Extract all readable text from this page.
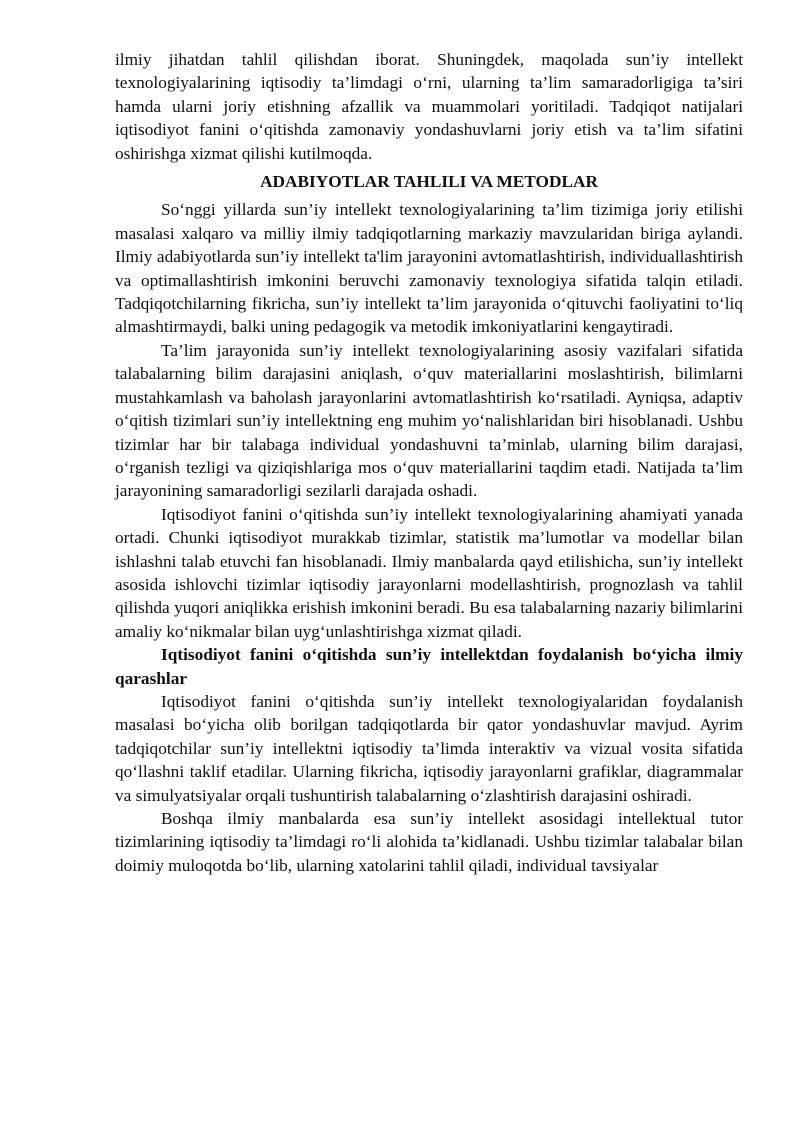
ilmiy jihatdan tahlil qilishdan iborat. Shuningdek, maqolada sun’iy intellekt texnologiyalarining iqtisodiy ta’limdagi o‘rni, ularning ta’lim samaradorligiga ta’siri hamda ularni joriy etishning afzallik va muammolari yoritiladi. Tadqiqot natijalari iqtisodiyot fanini o‘qitishda zamonaviy yondashuvlarni joriy etish va ta’lim sifatini oshirishga xizmat qilishi kutilmoqda.

ADABIYOTLAR TAHLILI VA METODLAR

So‘nggi yillarda sun’iy intellekt texnologiyalarining ta’lim tizimiga joriy etilishi masalasi xalqaro va milliy ilmiy tadqiqotlarning markaziy mavzularidan biriga aylandi. Ilmiy adabiyotlarda sun’iy intellekt ta'lim jarayonini avtomatlashtirish, individuallashtirish va optimallashtirish imkonini beruvchi zamonaviy texnologiya sifatida talqin etiladi. Tadqiqotchilarning fikricha, sun’iy intellekt ta’lim jarayonida o‘qituvchi faoliyatini to‘liq almashtirmaydi, balki uning pedagogik va metodik imkoniyatlarini kengaytiradi.

Ta’lim jarayonida sun’iy intellekt texnologiyalarining asosiy vazifalari sifatida talabalarning bilim darajasini aniqlash, o‘quv materiallarini moslashtirish, bilimlarni mustahkamlash va baholash jarayonlarini avtomatlashtirish ko‘rsatiladi. Ayniqsa, adaptiv o‘qitish tizimlari sun’iy intellektning eng muhim yo‘nalishlaridan biri hisoblanadi. Ushbu tizimlar har bir talabaga individual yondashuvni ta’minlab, ularning bilim darajasi, o‘rganish tezligi va qiziqishlariga mos o‘quv materiallarini taqdim etadi. Natijada ta’lim jarayonining samaradorligi sezilarli darajada oshadi.

Iqtisodiyot fanini o‘qitishda sun’iy intellekt texnologiyalarining ahamiyati yanada ortadi. Chunki iqtisodiyot murakkab tizimlar, statistik ma’lumotlar va modellar bilan ishlashni talab etuvchi fan hisoblanadi. Ilmiy manbalarda qayd etilishicha, sun’iy intellekt asosida ishlovchi tizimlar iqtisodiy jarayonlarni modellashtirish, prognozlash va tahlil qilishda yuqori aniqlikka erishish imkonini beradi. Bu esa talabalarning nazariy bilimlarini amaliy ko‘nikmalar bilan uyg‘unlashtirishga xizmat qiladi.

Iqtisodiyot fanini o‘qitishda sun’iy intellektdan foydalanish bo‘yicha ilmiy qarashlar

Iqtisodiyot fanini o‘qitishda sun’iy intellekt texnologiyalaridan foydalanish masalasi bo‘yicha olib borilgan tadqiqotlarda bir qator yondashuvlar mavjud. Ayrim tadqiqotchilar sun’iy intellektni iqtisodiy ta’limda interaktiv va vizual vosita sifatida qo‘llashni taklif etadilar. Ularning fikricha, iqtisodiy jarayonlarni grafiklar, diagrammalar va simulyatsiyalar orqali tushuntirish talabalarning o‘zlashtirish darajasini oshiradi.

Boshqa ilmiy manbalarda esa sun’iy intellekt asosidagi intellektual tutor tizimlarining iqtisodiy ta’limdagi ro‘li alohida ta’kidlanadi. Ushbu tizimlar talabalar bilan doimiy muloqotda bo‘lib, ularning xatolarini tahlil qiladi, individual tavsiyalar
